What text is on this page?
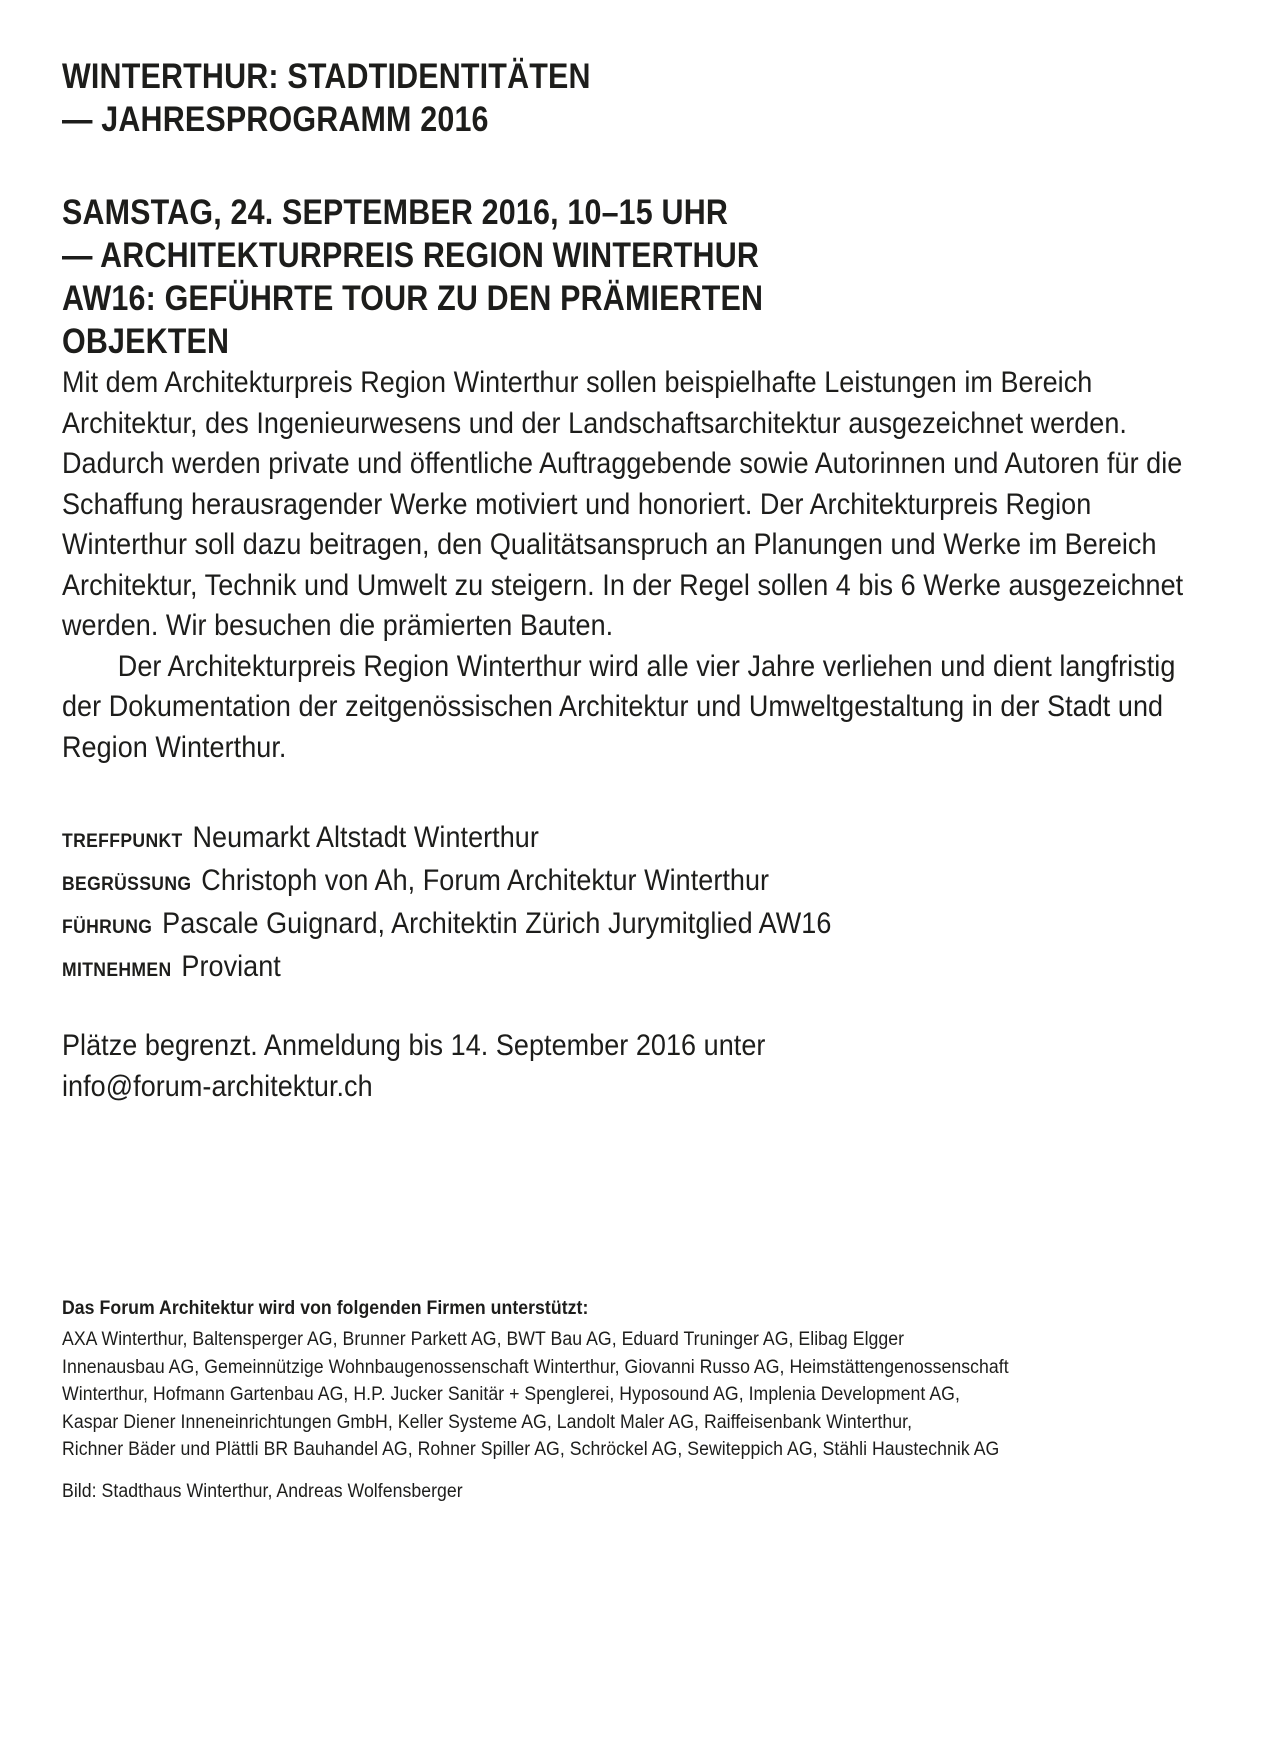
WINTERTHUR: STADTIDENTITÄTEN
— JAHRESPROGRAMM 2016
SAMSTAG, 24. SEPTEMBER 2016, 10–15 UHR
— ARCHITEKTURPREIS REGION WINTERTHUR
AW16: GEFÜHRTE TOUR ZU DEN PRÄMIERTEN
OBJEKTEN

Mit dem Architekturpreis Region Winterthur sollen beispielhafte Leistungen im Bereich Architektur, des Ingenieurwesens und der Landschaftsarchitektur ausgezeichnet werden. Dadurch werden private und öffentliche Auftraggebende sowie Autorinnen und Autoren für die Schaffung herausragender Werke motiviert und honoriert. Der Architekturpreis Region Winterthur soll dazu beitragen, den Qualitätsanspruch an Planungen und Werke im Bereich Architektur, Technik und Umwelt zu steigern. In der Regel sollen 4 bis 6 Werke ausgezeichnet werden. Wir besuchen die prämierten Bauten.

Der Architekturpreis Region Winterthur wird alle vier Jahre verliehen und dient langfristig der Dokumentation der zeitgenössischen Architektur und Umweltgestaltung in der Stadt und Region Winterthur.

TREFFPUNKT Neumarkt Altstadt Winterthur
BEGRÜSSUNG Christoph von Ah, Forum Architektur Winterthur
FÜHRUNG Pascale Guignard, Architektin Zürich Jurymitglied AW16
MITNEHMEN Proviant

Plätze begrenzt. Anmeldung bis 14. September 2016 unter

info@forum-architektur.ch

Das Forum Architektur wird von folgenden Firmen unterstützt:

AXA Winterthur, Baltensperger AG, Brunner Parkett AG, BWT Bau AG, Eduard Truninger AG, Elibag Elgger
Innenausbau AG, Gemeinnützige Wohnbaugenossenschaft Winterthur, Giovanni Russo AG, Heimstättengenossenschaft
Winterthur, Hofmann Gartenbau AG, H.P. Jucker Sanitär + Spenglerei, Hyposound AG, Implenia Development AG,
Kaspar Diener Inneneinrichtungen GmbH, Keller Systeme AG, Landolt Maler AG, Raiffeisenbank Winterthur,
Richner Bäder und Plättli BR Bauhandel AG, Rohner Spiller AG, Schröckel AG, Sewiteppich AG, Stähli Haustechnik AG
Bild: Stadthaus Winterthur, Andreas Wolfensberger
